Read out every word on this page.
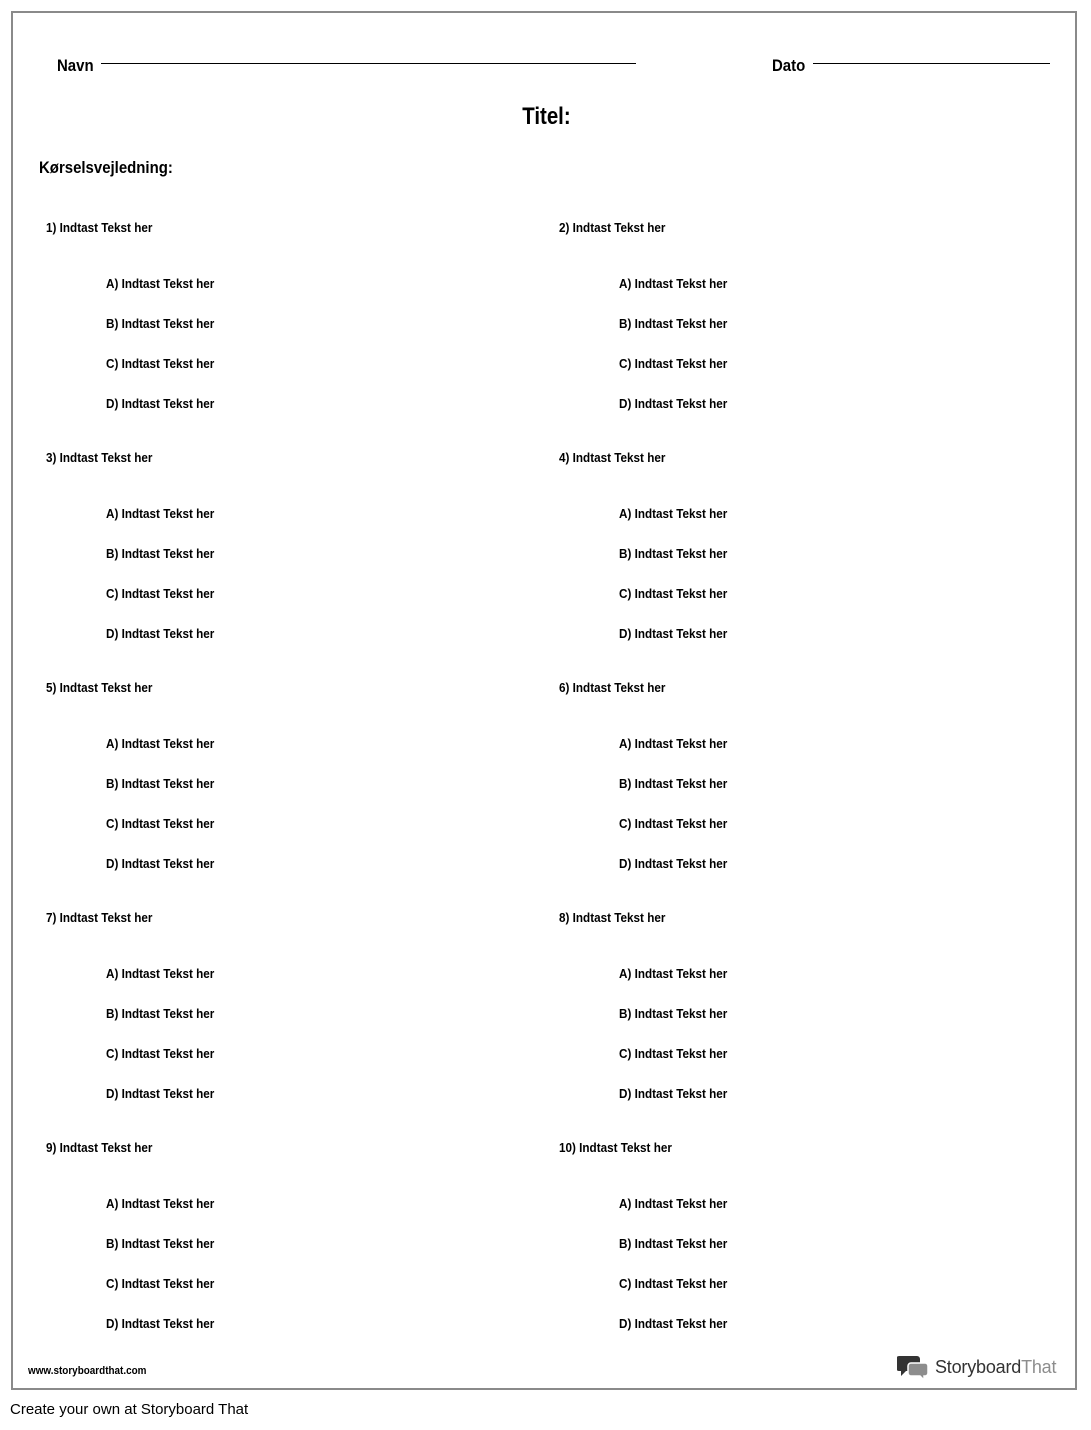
Navn	Dato
Titel:
Kørselsvejledning:
1) Indtast Tekst her
A) Indtast Tekst her
B) Indtast Tekst her
C) Indtast Tekst her
D) Indtast Tekst her
2) Indtast Tekst her
A) Indtast Tekst her
B) Indtast Tekst her
C) Indtast Tekst her
D) Indtast Tekst her
3) Indtast Tekst her
A) Indtast Tekst her
B) Indtast Tekst her
C) Indtast Tekst her
D) Indtast Tekst her
4) Indtast Tekst her
A) Indtast Tekst her
B) Indtast Tekst her
C) Indtast Tekst her
D) Indtast Tekst her
5) Indtast Tekst her
A) Indtast Tekst her
B) Indtast Tekst her
C) Indtast Tekst her
D) Indtast Tekst her
6) Indtast Tekst her
A) Indtast Tekst her
B) Indtast Tekst her
C) Indtast Tekst her
D) Indtast Tekst her
7) Indtast Tekst her
A) Indtast Tekst her
B) Indtast Tekst her
C) Indtast Tekst her
D) Indtast Tekst her
8) Indtast Tekst her
A) Indtast Tekst her
B) Indtast Tekst her
C) Indtast Tekst her
D) Indtast Tekst her
9) Indtast Tekst her
A) Indtast Tekst her
B) Indtast Tekst her
C) Indtast Tekst her
D) Indtast Tekst her
10) Indtast Tekst her
A) Indtast Tekst her
B) Indtast Tekst her
C) Indtast Tekst her
D) Indtast Tekst her
www.storyboardthat.com	StoryboardThat
Create your own at Storyboard That
